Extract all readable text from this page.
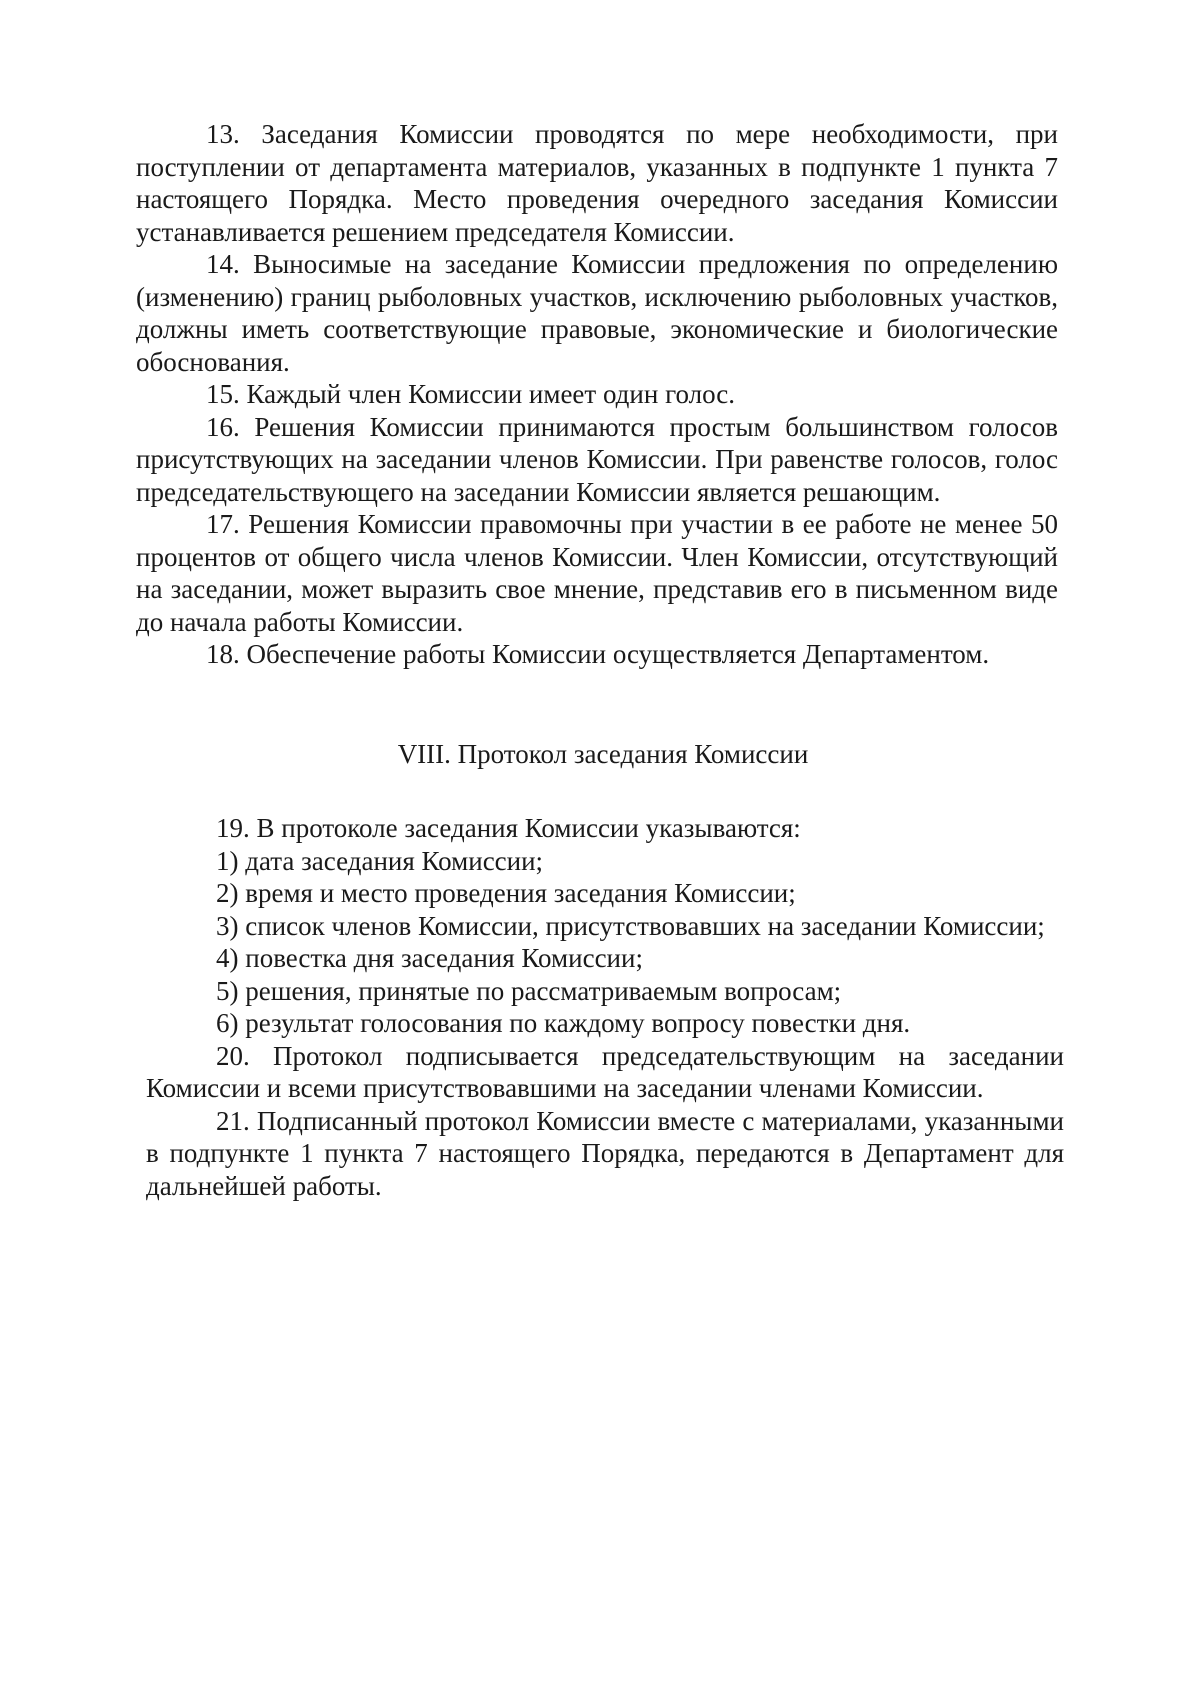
13. Заседания Комиссии проводятся по мере необходимости, при поступлении от департамента материалов, указанных в подпункте 1 пункта 7 настоящего Порядка. Место проведения очередного заседания Комиссии устанавливается решением председателя Комиссии.

14. Выносимые на заседание Комиссии предложения по определению (изменению) границ рыболовных участков, исключению рыболовных участков, должны иметь соответствующие правовые, экономические и биологические обоснования.

15. Каждый член Комиссии имеет один голос.

16. Решения Комиссии принимаются простым большинством голосов присутствующих на заседании членов Комиссии. При равенстве голосов, голос председательствующего на заседании Комиссии является решающим.

17. Решения Комиссии правомочны при участии в ее работе не менее 50 процентов от общего числа членов Комиссии. Член Комиссии, отсутствующий на заседании, может выразить свое мнение, представив его в письменном виде до начала работы Комиссии.

18. Обеспечение работы Комиссии осуществляется Департаментом.

VIII. Протокол заседания Комиссии

19. В протоколе заседания Комиссии указываются:

1) дата заседания Комиссии;

2) время и место проведения заседания Комиссии;

3) список членов Комиссии, присутствовавших на заседании Комиссии;

4) повестка дня заседания Комиссии;

5) решения, принятые по рассматриваемым вопросам;

6) результат голосования по каждому вопросу повестки дня.

20. Протокол подписывается председательствующим на заседании Комиссии и всеми присутствовавшими на заседании членами Комиссии.

21. Подписанный протокол Комиссии вместе с материалами, указанными в подпункте 1 пункта 7 настоящего Порядка, передаются в Департамент для дальнейшей работы.
